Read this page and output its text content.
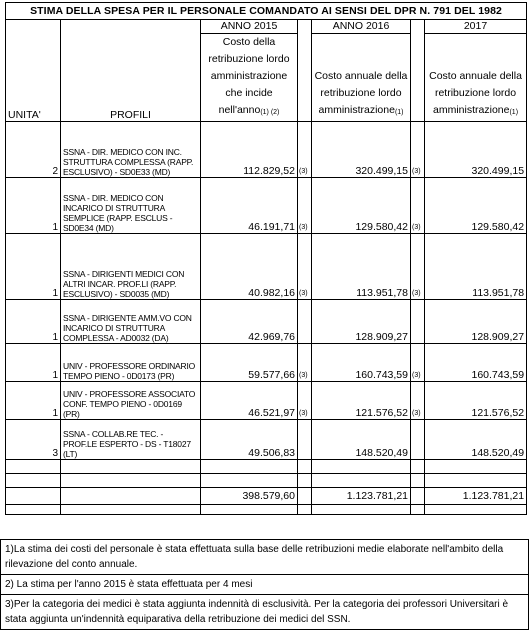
STIMA DELLA SPESA PER IL PERSONALE COMANDATO AI SENSI DEL DPR N. 791 DEL 1982						
		ANNO 2015		ANNO 2016		2017
UNITA'	PROFILI	Costo della retribuzione lordo amministrazione che incide nell'anno$_{(1) (2)}$		Costo annuale della retribuzione lordo amministrazione$_{(1)}$		Costo annuale della retribuzione lordo amministrazione$_{(1)}$
2	SSNA - DIR. MEDICO CON INC. STRUTTURA COMPLESSA (RAPP. ESCLUSIVO) - SD0E33 (MD)	112.829,52	(3)	320.499,15	(3)	320.499,15
1	SSNA - DIR. MEDICO CON INCARICO DI STRUTTURA SEMPLICE (RAPP. ESCLUS - SD0E34 (MD)	46.191,71	(3)	129.580,42	(3)	129.580,42
1	SSNA - DIRIGENTI MEDICI CON ALTRI INCAR. PROF.LI (RAPP. ESCLUSIVO) - SD0035 (MD)	40.982,16	(3)	113.951,78	(3)	113.951,78
1	SSNA - DIRIGENTE AMM.VO CON INCARICO DI STRUTTURA COMPLESSA - AD0032 (DA)	42.969,76		128.909,27		128.909,27
1	UNIV - PROFESSORE ORDINARIO TEMPO PIENO - 0D0173 (PR)	59.577,66	(3)	160.743,59	(3)	160.743,59
1	UNIV - PROFESSORE ASSOCIATO CONF. TEMPO PIENO - 0D0169 (PR)	46.521,97	(3)	121.576,52	(3)	121.576,52
3	SSNA - COLLAB.RE TEC. - PROF.LE ESPERTO - DS - T18027 (LT)	49.506,83		148.520,49		148.520,49

		398.579,60		1.123.781,21		1.123.781,21

1)La stima dei costi del personale è stata effettuata sulla base delle retribuzioni medie elaborate nell'ambito della rilevazione del conto annuale.
2) La stima per l'anno 2015 è stata effettuata per 4 mesi
3)Per la categoria dei medici è stata aggiunta indennità di esclusività. Per la categoria dei professori Universitari è stata aggiunta un'indennità equiparativa della retribuzione dei medici del SSN.
